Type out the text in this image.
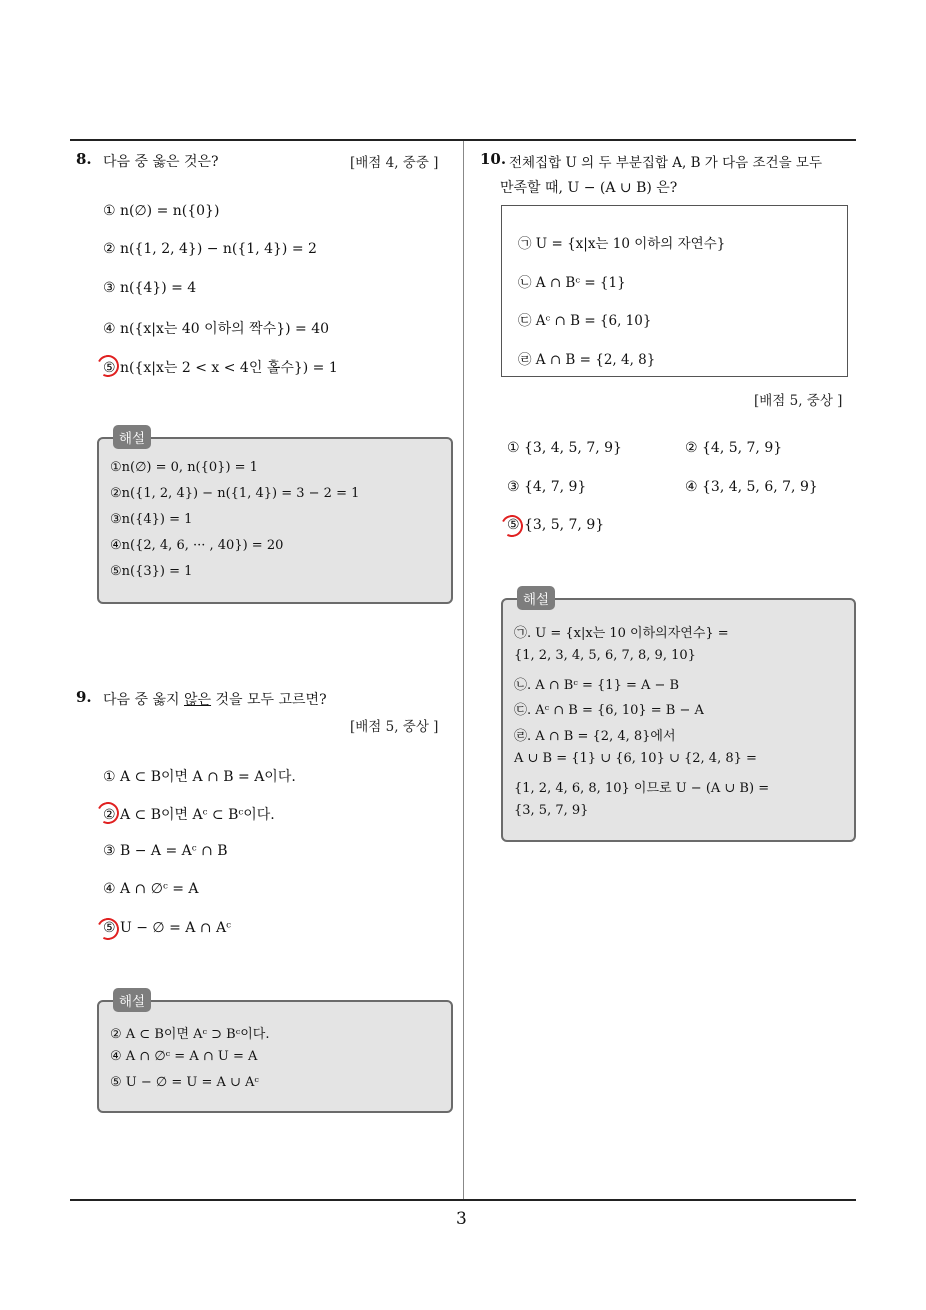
8. 다음 중 옳은 것은?	[배점 4, 중중 ]
① n(∅) = n({0})
② n({1, 2, 4}) − n({1, 4}) = 2
③ n({4}) = 4
④ n({x|x는 40 이하의 짝수}) = 40
⑤ n({x|x는 2 < x < 4인 홀수}) = 1
해설
①n(∅) = 0, n({0}) = 1
②n({1, 2, 4}) − n({1, 4}) = 3 − 2 = 1
③n({4}) = 1
④n({2, 4, 6, ··· , 40}) = 20
⑤n({3}) = 1
9. 다음 중 옳지 않은 것을 모두 고르면?
[배점 5, 중상 ]
① A ⊂ B이면 A ∩ B = A이다.
② A ⊂ B이면 Aᶜ ⊂ Bᶜ이다.
③ B − A = Aᶜ ∩ B
④ A ∩ ∅ᶜ = A
⑤ U − ∅ = A ∩ Aᶜ
해설
② A ⊂ B이면 Aᶜ ⊃ Bᶜ이다.
④ A ∩ ∅ᶜ = A ∩ U = A
⑤ U − ∅ = U = A ∪ Aᶜ
10. 전체집합 U 의 두 부분집합 A, B 가 다음 조건을 모두
만족할 때, U − (A ∪ B) 은?
㉠ U = {x|x는 10 이하의 자연수}
㉡ A ∩ Bᶜ = {1}
㉢ Aᶜ ∩ B = {6, 10}
㉣ A ∩ B = {2, 4, 8}
[배점 5, 중상 ]
① {3, 4, 5, 7, 9}	② {4, 5, 7, 9}
③ {4, 7, 9}	④ {3, 4, 5, 6, 7, 9}
⑤ {3, 5, 7, 9}
해설
㉠. U = {x|x는 10 이하의자연수} =
{1, 2, 3, 4, 5, 6, 7, 8, 9, 10}
㉡. A ∩ Bᶜ = {1} = A − B
㉢. Aᶜ ∩ B = {6, 10} = B − A
㉣. A ∩ B = {2, 4, 8}에서
A ∪ B = {1} ∪ {6, 10} ∪ {2, 4, 8} =
{1, 2, 4, 6, 8, 10} 이므로 U − (A ∪ B) =
{3, 5, 7, 9}
3
